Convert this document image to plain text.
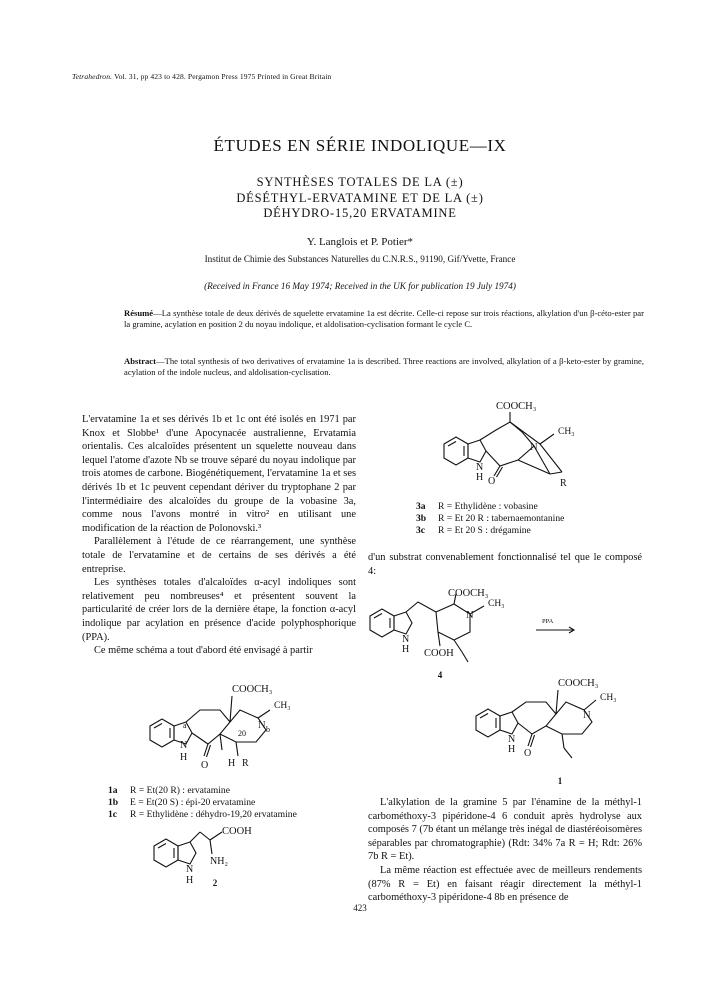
Tetrahedron. Vol. 31, pp 423 to 428. Pergamon Press 1975 Printed in Great Britain
ÉTUDES EN SÉRIE INDOLIQUE—IX
SYNTHÈSES TOTALES DE LA (±)
DÉSÉTHYL-ERVATAMINE ET DE LA (±)
DÉHYDRO-15,20 ERVATAMINE
Y. Langlois et P. Potier*
Institut de Chimie des Substances Naturelles du C.N.R.S., 91190, Gif/Yvette, France
(Received in France 16 May 1974; Received in the UK for publication 19 July 1974)
Résumé—La synthèse totale de deux dérivés de squelette ervatamine 1a est décrite. Celle-ci repose sur trois réactions, alkylation d'un β-céto-ester par la gramine, acylation en position 2 du noyau indolique, et aldolisation-cyclisation formant le cycle C.
Abstract—The total synthesis of two derivatives of ervatamine 1a is described. Three reactions are involved, alkylation of a β-keto-ester by gramine, acylation of the indole nucleus, and aldolisation-cyclisation.

L'ervatamine 1a et ses dérivés 1b et 1c ont été isolés en 1971 par Knox et Slobbe¹ d'une Apocynacée australienne, Ervatamia orientalis. Ces alcaloïdes présentent un squelette nouveau dans lequel l'atome d'azote Nb se trouve séparé du noyau indolique par trois atomes de carbone. Biogénétiquement, l'ervatamine 1a et ses dérivés 1b et 1c peuvent cependant dériver du tryptophane 2 par l'intermédiaire des alcaloïdes du groupe de la vobasine 3a, comme nous l'avons montré in vitro² en utilisant une modification de la réaction de Polonovski.³

Parallèlement à l'étude de ce réarrangement, une synthèse totale de l'ervatamine et de certains de ses dérivés a été entreprise.

Les synthèses totales d'alcaloïdes α-acyl indoliques sont relativement peu nombreuses⁴ et présentent souvent la particularité de créer lors de la dernière étape, la fonction α-acyl indolique par acylation en présence d'acide polyphosphorique (PPA).

Ce même schéma a tout d'abord été envisagé à partir

COOCH₃
CH₃
N b
a
N
H
20
O H R
1a R = Et(20 R) : ervatamine
1b E = Et(20 S) : épi-20 ervatamine
1c R = Ethylidène : déhydro-19,20 ervatamine
COOH
NH₂
N
H	2
COOCH₃
CH₃
N
N
H O	R
3a R = Ethylidène : vobasine
3b R = Et 20 R : tabernaemontanine
3c R = Et 20 S : drégamine
d'un substrat convenablement fonctionnalisé tel que le composé 4:
COOCH₃
CH₃
N
N
H COOH
PPA
4
COOCH₃
CH₃
N
N
H O
1
L'alkylation de la gramine 5 par l'énamine de la méthyl-1 carbométhoxy-3 pipéridone-4 6 conduit après hydrolyse aux composés 7 (7b étant un mélange très inégal de diastéréoisomères séparables par chromatographie) (Rdt: 34% 7a R = H; Rdt: 26% 7b R = Et).
La même réaction est effectuée avec de meilleurs rendements (87% R = Et) en faisant réagir directement la méthyl-1 carbométhoxy-3 pipéridone-4 8b en présence de
423
